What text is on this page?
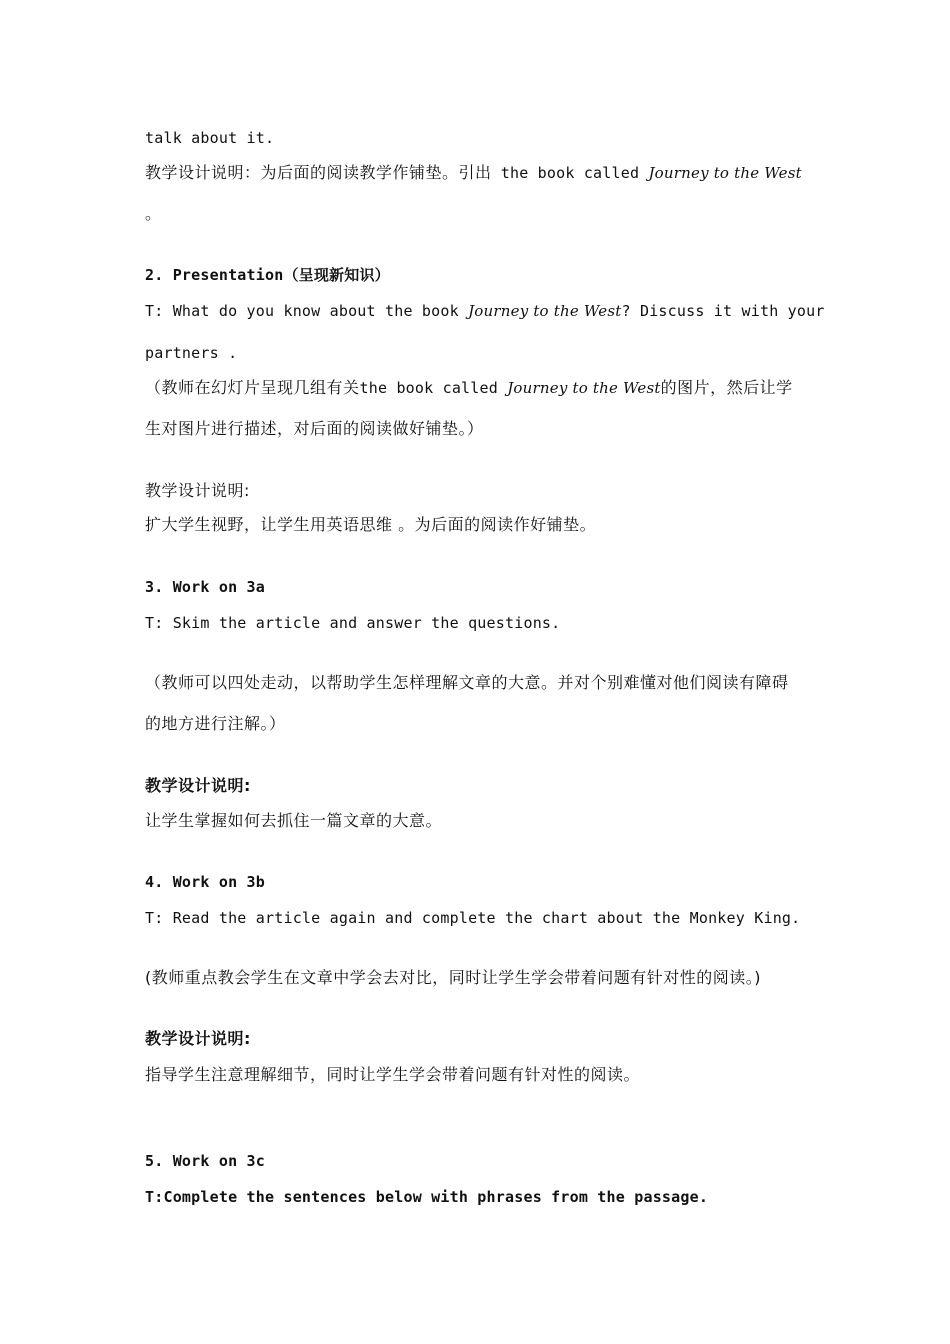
talk about it.
教学设计说明：为后面的阅读教学作铺垫。引出 the book called Journey to the West
。
2. Presentation（呈现新知识）
T: What do you know about the book Journey to the West? Discuss it with your
partners .
（教师在幻灯片呈现几组有关the book called Journey to the West的图片，然后让学
生对图片进行描述，对后面的阅读做好铺垫。）
教学设计说明:
扩大学生视野，让学生用英语思维 。为后面的阅读作好铺垫。
3. Work on 3a
T: Skim the article and answer the questions.
（教师可以四处走动，以帮助学生怎样理解文章的大意。并对个别难懂对他们阅读有障碍
的地方进行注解。）
教学设计说明:
让学生掌握如何去抓住一篇文章的大意。
4. Work on 3b
T: Read the article again and complete the chart about the Monkey King.
(教师重点教会学生在文章中学会去对比，同时让学生学会带着问题有针对性的阅读。)
教学设计说明:
指导学生注意理解细节，同时让学生学会带着问题有针对性的阅读。
5. Work on 3c
T:Complete the sentences below with phrases from the passage.
